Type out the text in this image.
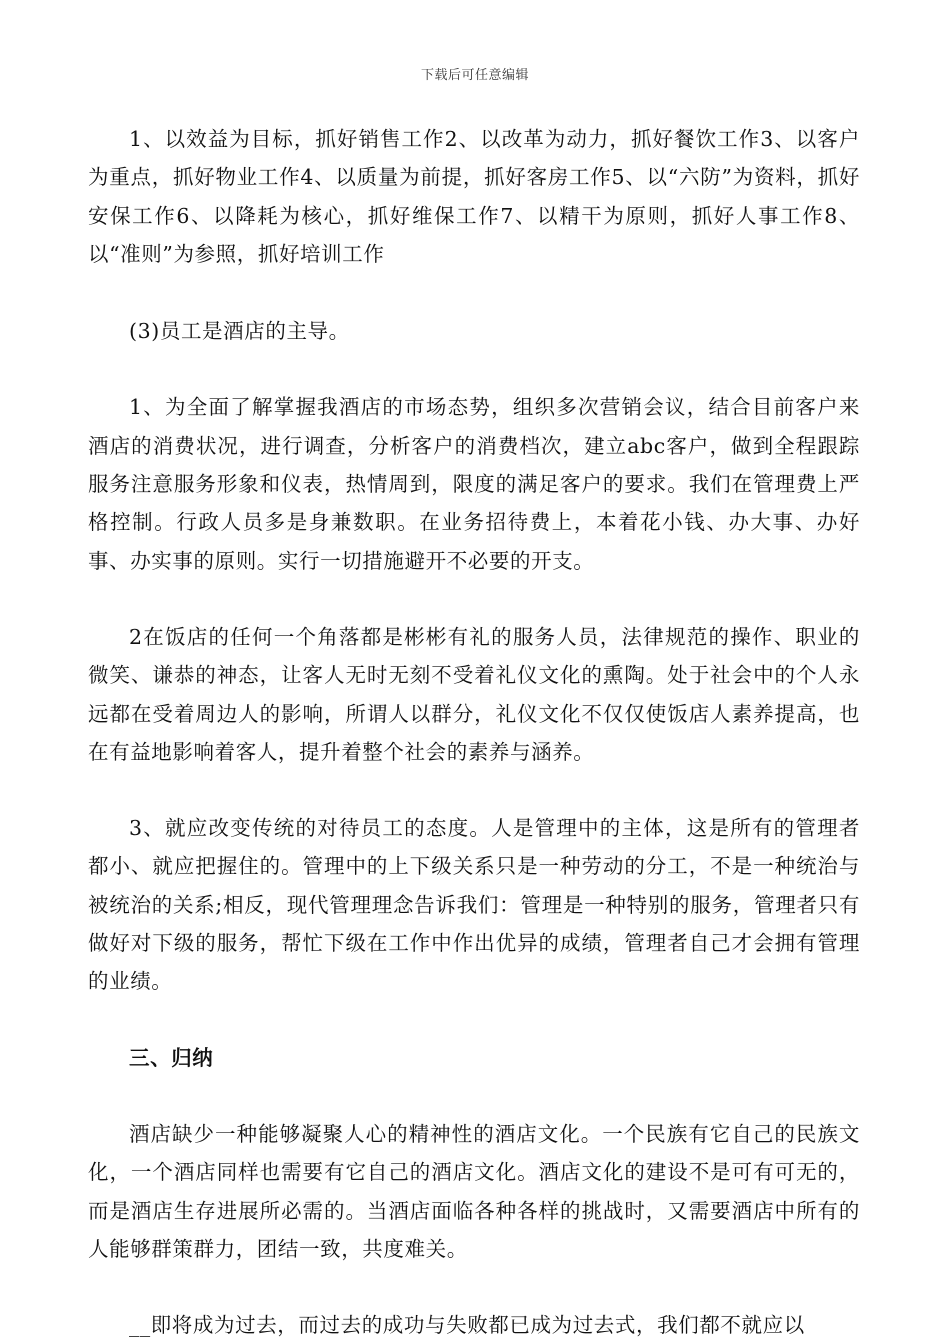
下载后可任意编辑

1、以效益为目标，抓好销售工作2、以改革为动力，抓好餐饮工作3、以客户为重点，抓好物业工作4、以质量为前提，抓好客房工作5、以“六防”为资料，抓好安保工作6、以降耗为核心，抓好维保工作7、以精干为原则，抓好人事工作8、以“准则”为参照，抓好培训工作

(3)员工是酒店的主导。

1、为全面了解掌握我酒店的市场态势，组织多次营销会议，结合目前客户来酒店的消费状况，进行调查，分析客户的消费档次，建立abc客户，做到全程跟踪服务注意服务形象和仪表，热情周到，限度的满足客户的要求。我们在管理费上严格控制。行政人员多是身兼数职。在业务招待费上，本着花小钱、办大事、办好事、办实事的原则。实行一切措施避开不必要的开支。

2在饭店的任何一个角落都是彬彬有礼的服务人员，法律规范的操作、职业的微笑、谦恭的神态，让客人无时无刻不受着礼仪文化的熏陶。处于社会中的个人永远都在受着周边人的影响，所谓人以群分，礼仪文化不仅仅使饭店人素养提高，也在有益地影响着客人，提升着整个社会的素养与涵养。

3、就应改变传统的对待员工的态度。人是管理中的主体，这是所有的管理者都小、就应把握住的。管理中的上下级关系只是一种劳动的分工，不是一种统治与被统治的关系;相反，现代管理理念告诉我们：管理是一种特别的服务，管理者只有做好对下级的服务，帮忙下级在工作中作出优异的成绩，管理者自己才会拥有管理的业绩。

三、归纳

酒店缺少一种能够凝聚人心的精神性的酒店文化。一个民族有它自己的民族文化，一个酒店同样也需要有它自己的酒店文化。酒店文化的建设不是可有可无的，而是酒店生存进展所必需的。当酒店面临各种各样的挑战时，又需要酒店中所有的人能够群策群力，团结一致，共度难关。

__即将成为过去，而过去的成功与失败都已成为过去式，我们都不就应以
